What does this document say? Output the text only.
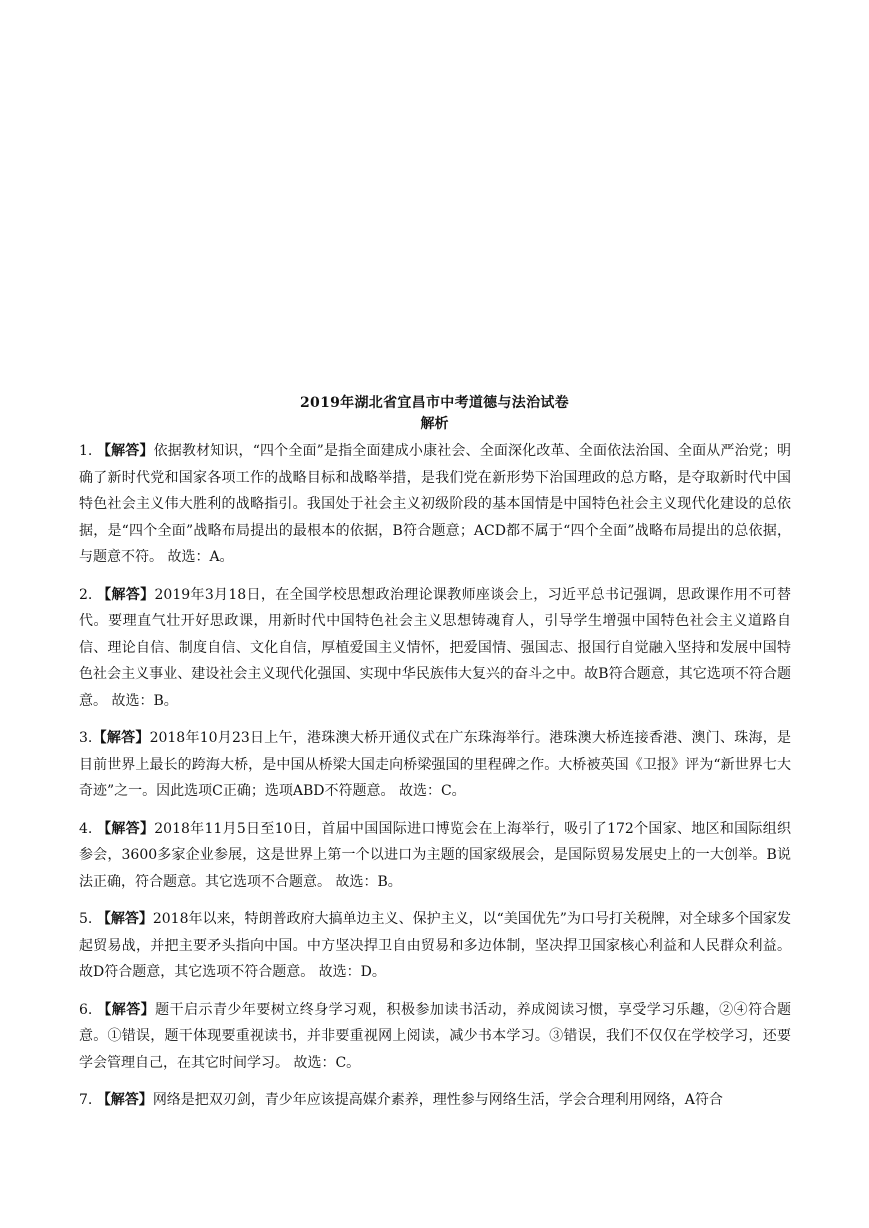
2019年湖北省宜昌市中考道德与法治试卷
解析

1. 【解答】依据教材知识，“四个全面”是指全面建成小康社会、全面深化改革、全面依法治国、全面从严治党；明确了新时代党和国家各项工作的战略目标和战略举措，是我们党在新形势下治国理政的总方略，是夺取新时代中国特色社会主义伟大胜利的战略指引。我国处于社会主义初级阶段的基本国情是中国特色社会主义现代化建设的总依据，是“四个全面”战略布局提出的最根本的依据，B符合题意；ACD都不属于“四个全面”战略布局提出的总依据，与题意不符。 故选：A。

2. 【解答】2019年3月18日，在全国学校思想政治理论课教师座谈会上，习近平总书记强调，思政课作用不可替代。要理直气壮开好思政课，用新时代中国特色社会主义思想铸魂育人，引导学生增强中国特色社会主义道路自信、理论自信、制度自信、文化自信，厚植爱国主义情怀，把爱国情、强国志、报国行自觉融入坚持和发展中国特色社会主义事业、建设社会主义现代化强国、实现中华民族伟大复兴的奋斗之中。故B符合题意，其它选项不符合题意。 故选：B。

3.【解答】2018年10月23日上午，港珠澳大桥开通仪式在广东珠海举行。港珠澳大桥连接香港、澳门、珠海，是目前世界上最长的跨海大桥，是中国从桥梁大国走向桥梁强国的里程碑之作。大桥被英国《卫报》评为“新世界七大奇迹”之一。因此选项C正确；选项ABD不符题意。 故选：C。

4. 【解答】2018年11月5日至10日，首届中国国际进口博览会在上海举行，吸引了172个国家、地区和国际组织参会，3600多家企业参展，这是世界上第一个以进口为主题的国家级展会，是国际贸易发展史上的一大创举。B说法正确，符合题意。其它选项不合题意。 故选：B。

5. 【解答】2018年以来，特朗普政府大搞单边主义、保护主义，以“美国优先”为口号打关税牌，对全球多个国家发起贸易战，并把主要矛头指向中国。中方坚决捍卫自由贸易和多边体制，坚决捍卫国家核心利益和人民群众利益。故D符合题意，其它选项不符合题意。 故选：D。

6. 【解答】题干启示青少年要树立终身学习观，积极参加读书活动，养成阅读习惯，享受学习乐趣，②④符合题意。①错误，题干体现要重视读书，并非要重视网上阅读，减少书本学习。③错误，我们不仅仅在学校学习，还要学会管理自己，在其它时间学习。 故选：C。

7. 【解答】网络是把双刃剑，青少年应该提高媒介素养，理性参与网络生活，学会合理利用网络，A符合
